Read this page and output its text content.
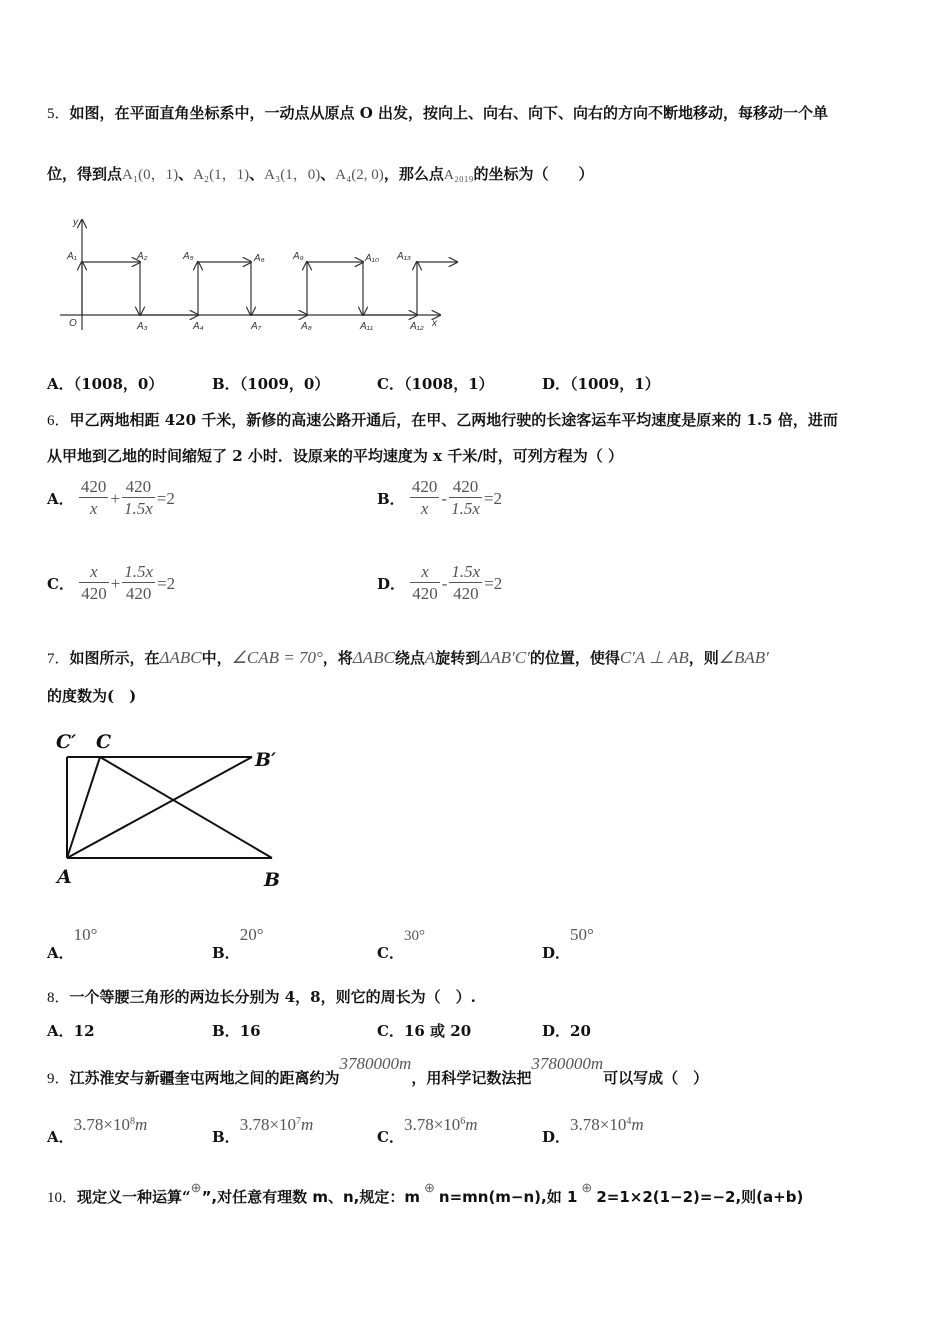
5．如图，在平面直角坐标系中，一动点从原点 O 出发，按向上、向右、向下、向右的方向不断地移动，每移动一个单
位，得到点A₁(0，1)、A₂(1，1)、A₃(1，0)、A₄(2, 0)，那么点A₂₀₁₉的坐标为（　　）
y
x
O
A₁	A₂
A₃	A₄
A₅	A₆
A₇	A₈
A₉	A₁₀
A₁₁	A₁₂
A₁₃
A．（1008，0）	B．（1009，0）	C．（1008，1）	D．（1009，1）
6．甲乙两地相距 420 千米，新修的高速公路开通后，在甲、乙两地行驶的长途客运车平均速度是原来的 1.5 倍，进而
从甲地到乙地的时间缩短了 2 小时．设原来的平均速度为 x 千米/时，可列方程为（ ）
A． $\frac{420}{x} + \frac{420}{1.5x} =2$	B． $\frac{420}{x} - \frac{420}{1.5x} =2$
C． $\frac{x}{420} + \frac{1.5x}{420} =2$	D． $\frac{x}{420} - \frac{1.5x}{420} =2$
7．如图所示，在ΔABC中，∠CAB = 70°，将ΔABC绕点A旋转到ΔAB′C′的位置，使得C′A ⊥ AB，则∠BAB′
的度数为(　)
C′ C
B′
A	B
A．10°
B．20°
C．30°
D．50°
8．一个等腰三角形的两边长分别为 4，8，则它的周长为（　）.
A．12	B．16	C．16 或 20	D．20
9．江苏淮安与新疆奎屯两地之间的距离约为3780000m，用科学记数法把3780000m可以写成（　）
A．$3.78\times 10^8m$
B．$3.78\times 10^7m$
C．$3.78\times 10^6m$
D．$3.78\times 10^4m$
10．现定义一种运算“⊕”,对任意有理数 m、n,规定：m⊕n=mn(m−n),如 1⊕2=1×2(1−2)=−2,则(a+b)
